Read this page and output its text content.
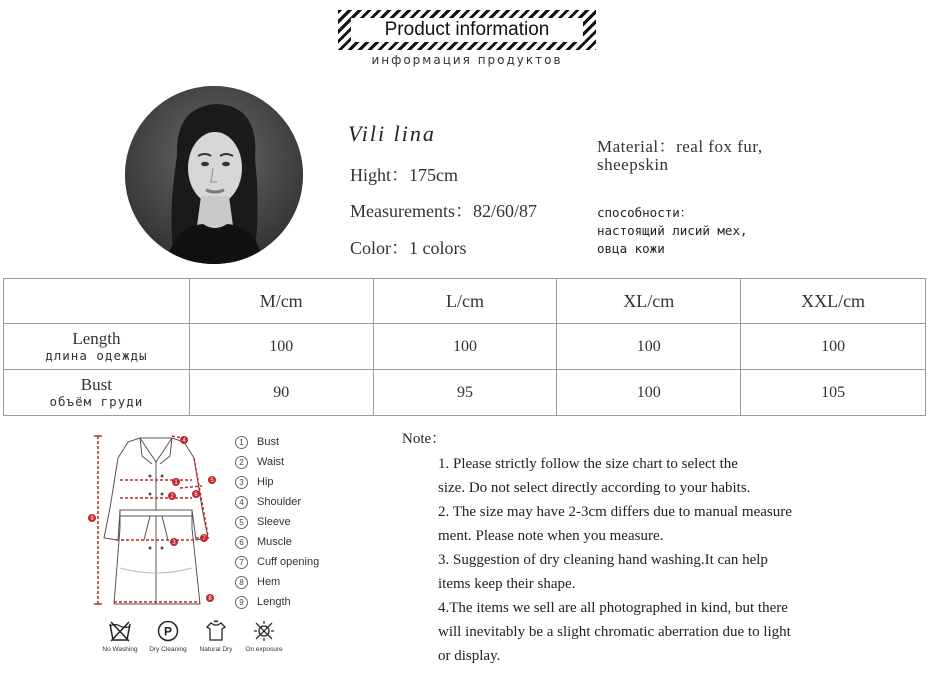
Product information
информация продуктов
Vili lina
Hight：175cm
Measurements：82/60/87
Color：1 colors
Material：real fox fur,
sheepskin
способности：
настоящий лисий мех,
овца кожи
	M/cm	L/cm	XL/cm	XXL/cm

Length
длина одежды	100	100	100	100

Bust
объём груди	90	95	100	105
9
4
5
6
2
1
3
7
8
1	Bust
2	Waist
3	Hip
4	Shoulder
5	Sleeve
6	Muscle
7	Cuff opening
8	Hem
9	Length
No Washing
P
Dry Cleaning	Natural Dry	On exposure
Note：
1. Please strictly follow the size chart to select the
size. Do not select directly according to your habits.
2. The size may have 2-3cm differs due to manual measure
ment. Please note when you measure.
3. Suggestion of dry cleaning hand washing.It can help
items keep their shape.
4.The items we sell are all photographed in kind, but there
will inevitably be a slight chromatic aberration due to light
or display.
